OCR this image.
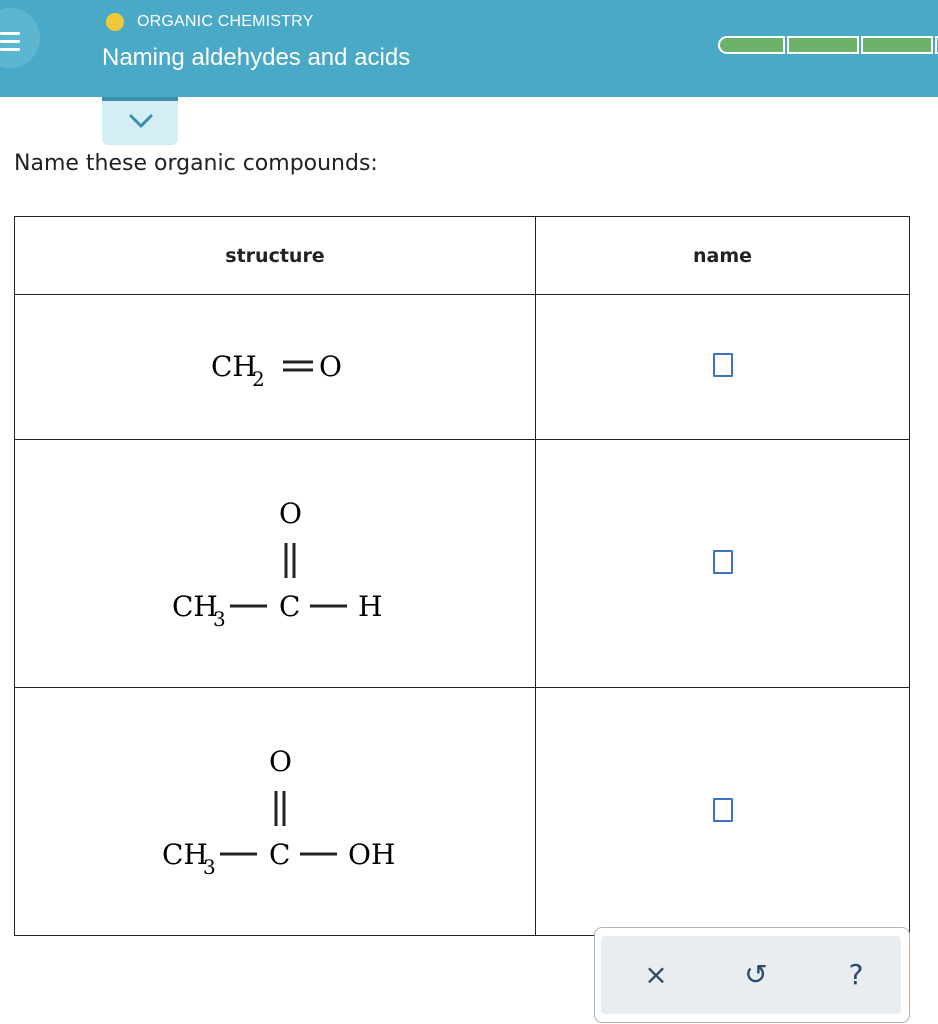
ORGANIC CHEMISTRY
Naming aldehydes and acids
Name these organic compounds:
structure	name

CH
2 O	

O
CH
3 C H	

O
CH
3 C OH	

×	↺	?
